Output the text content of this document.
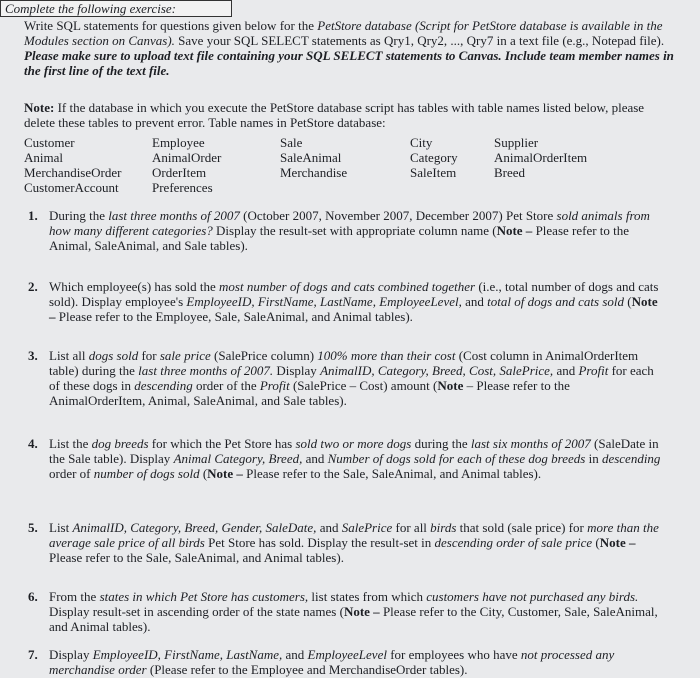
Complete the following exercise:

Write SQL statements for questions given below for the PetStore database (Script for PetStore database is available in the Modules section on Canvas). Save your SQL SELECT statements as Qry1, Qry2, ..., Qry7 in a text file (e.g., Notepad file). Please make sure to upload text file containing your SQL SELECT statements to Canvas. Include team member names in the first line of the text file.

Note: If the database in which you execute the PetStore database script has tables with table names listed below, please delete these tables to prevent error. Table names in PetStore database:

Customer	Employee	Sale	City	Supplier
Animal	AnimalOrder	SaleAnimal	Category	AnimalOrderItem
MerchandiseOrder	OrderItem	Merchandise	SaleItem	Breed
CustomerAccount	Preferences
1. During the last three months of 2007 (October 2007, November 2007, December 2007) Pet Store sold animals from how many different categories? Display the result-set with appropriate column name (Note – Please refer to the Animal, SaleAnimal, and Sale tables).
2. Which employee(s) has sold the most number of dogs and cats combined together (i.e., total number of dogs and cats sold). Display employee's EmployeeID, FirstName, LastName, EmployeeLevel, and total of dogs and cats sold (Note – Please refer to the Employee, Sale, SaleAnimal, and Animal tables).
3. List all dogs sold for sale price (SalePrice column) 100% more than their cost (Cost column in AnimalOrderItem table) during the last three months of 2007. Display AnimalID, Category, Breed, Cost, SalePrice, and Profit for each of these dogs in descending order of the Profit (SalePrice – Cost) amount (Note – Please refer to the AnimalOrderItem, Animal, SaleAnimal, and Sale tables).
4. List the dog breeds for which the Pet Store has sold two or more dogs during the last six months of 2007 (SaleDate in the Sale table). Display Animal Category, Breed, and Number of dogs sold for each of these dog breeds in descending order of number of dogs sold (Note – Please refer to the Sale, SaleAnimal, and Animal tables).
5. List AnimalID, Category, Breed, Gender, SaleDate, and SalePrice for all birds that sold (sale price) for more than the average sale price of all birds Pet Store has sold. Display the result-set in descending order of sale price (Note – Please refer to the Sale, SaleAnimal, and Animal tables).
6. From the states in which Pet Store has customers, list states from which customers have not purchased any birds. Display result-set in ascending order of the state names (Note – Please refer to the City, Customer, Sale, SaleAnimal, and Animal tables).
7. Display EmployeeID, FirstName, LastName, and EmployeeLevel for employees who have not processed any merchandise order (Please refer to the Employee and MerchandiseOrder tables).
